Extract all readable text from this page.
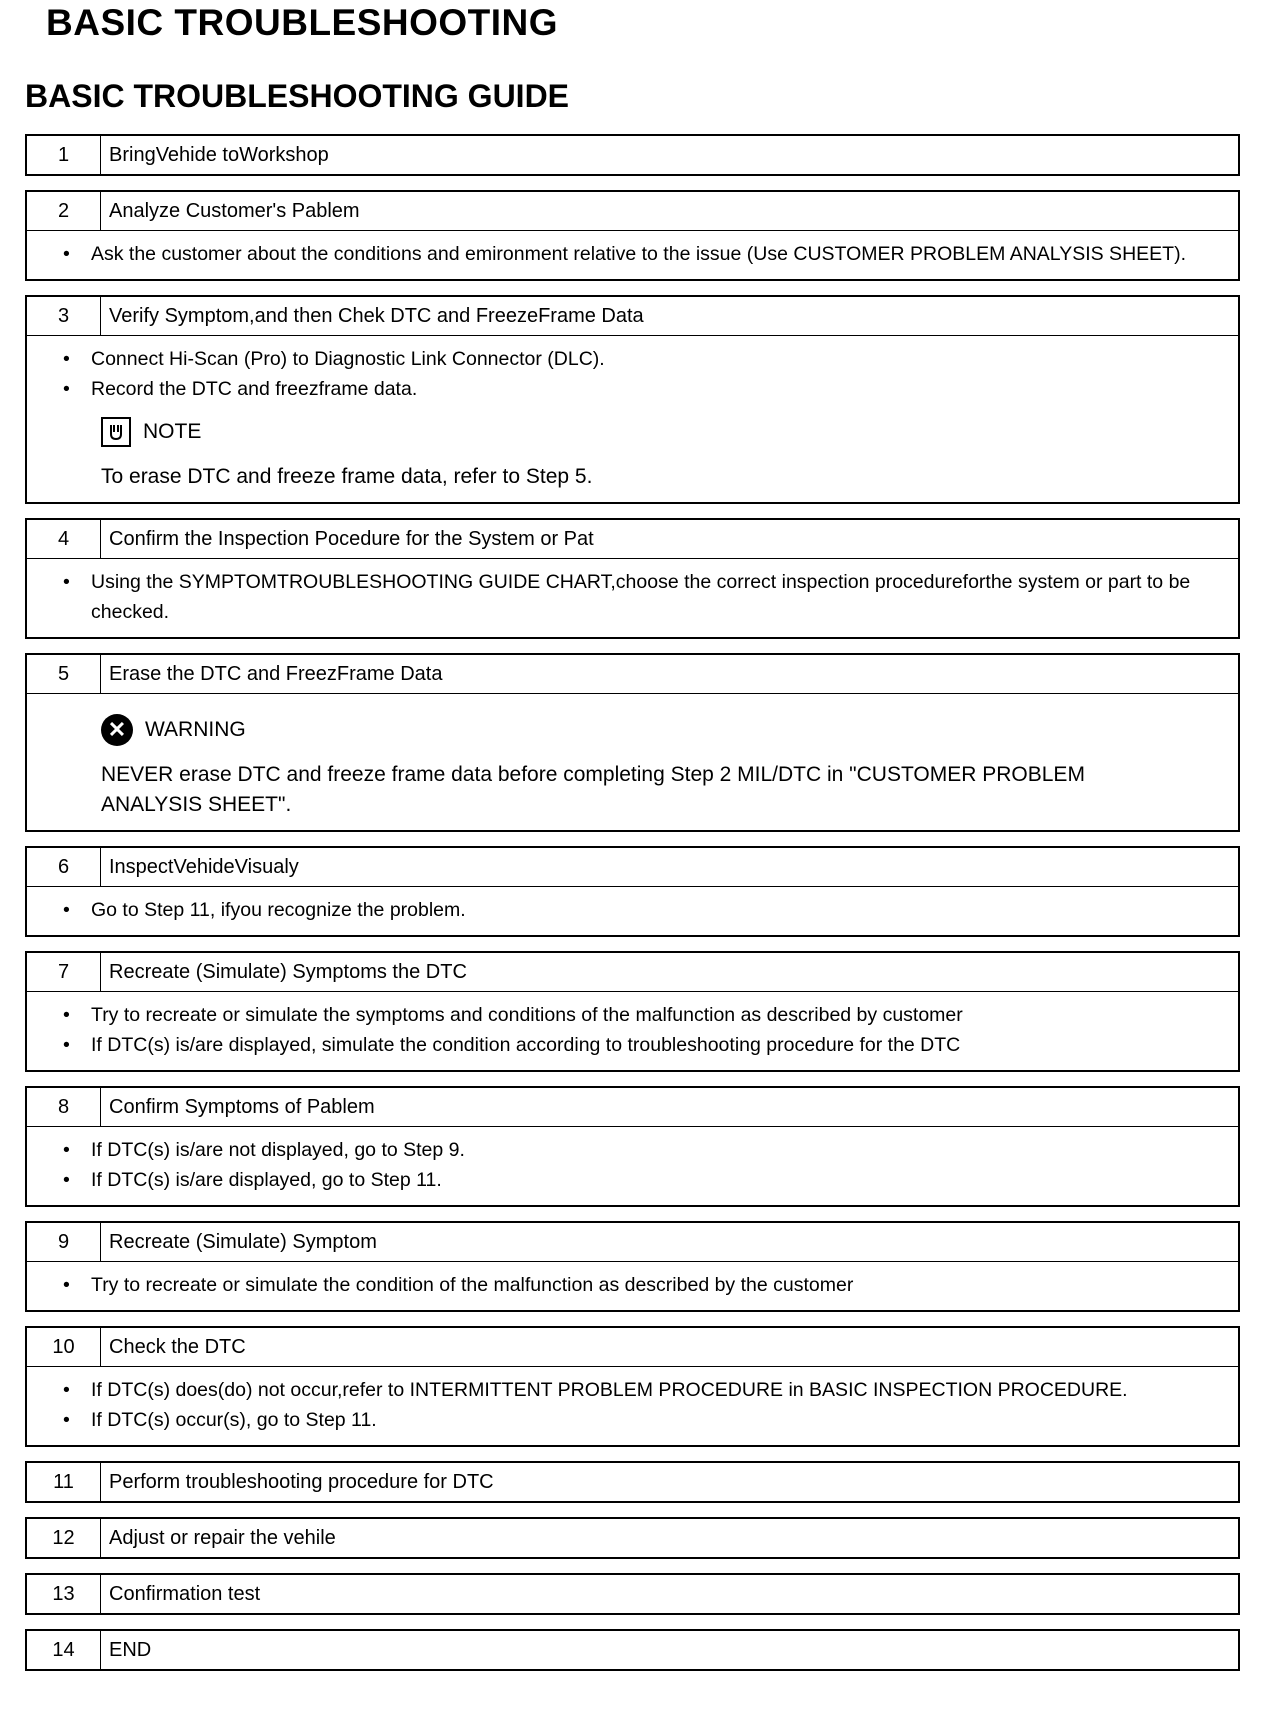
BASIC TROUBLESHOOTING
BASIC TROUBLESHOOTING GUIDE
1	BringVehide toWorkshop
2	Analyze Customer's Pablem
•	Ask the customer about the conditions and emironment relative to the issue (Use CUSTOMER PROBLEM ANALYSIS SHEET).
3	Verify Symptom,and then Chek DTC and FreezeFrame Data
•	Connect Hi-Scan (Pro) to Diagnostic Link Connector (DLC).
•	Record the DTC and freezframe data.
NOTE
To erase DTC and freeze frame data, refer to Step 5.
4	Confirm the Inspection Pocedure for the System or Pat
•	Using the SYMPTOMTROUBLESHOOTING GUIDE CHART,choose the correct inspection procedureforthe system or part to be checked.
5	Erase the DTC and FreezFrame Data
✕ WARNING
NEVER erase DTC and freeze frame data before completing Step 2 MIL/DTC in "CUSTOMER PROBLEM ANALYSIS SHEET".
6	InspectVehideVisualy
•	Go to Step 11, ifyou recognize the problem.
7	Recreate (Simulate) Symptoms the DTC
•	Try to recreate or simulate the symptoms and conditions of the malfunction as described by customer
•	If DTC(s) is/are displayed, simulate the condition according to troubleshooting procedure for the DTC
8	Confirm Symptoms of Pablem
•	If DTC(s) is/are not displayed, go to Step 9.
•	If DTC(s) is/are displayed, go to Step 11.
9	Recreate (Simulate) Symptom
•	Try to recreate or simulate the condition of the malfunction as described by the customer
10	Check the DTC
•	If DTC(s) does(do) not occur,refer to INTERMITTENT PROBLEM PROCEDURE in BASIC INSPECTION PROCEDURE.
•	If DTC(s) occur(s), go to Step 11.
11	Perform troubleshooting procedure for DTC
12	Adjust or repair the vehile
13	Confirmation test
14	END
